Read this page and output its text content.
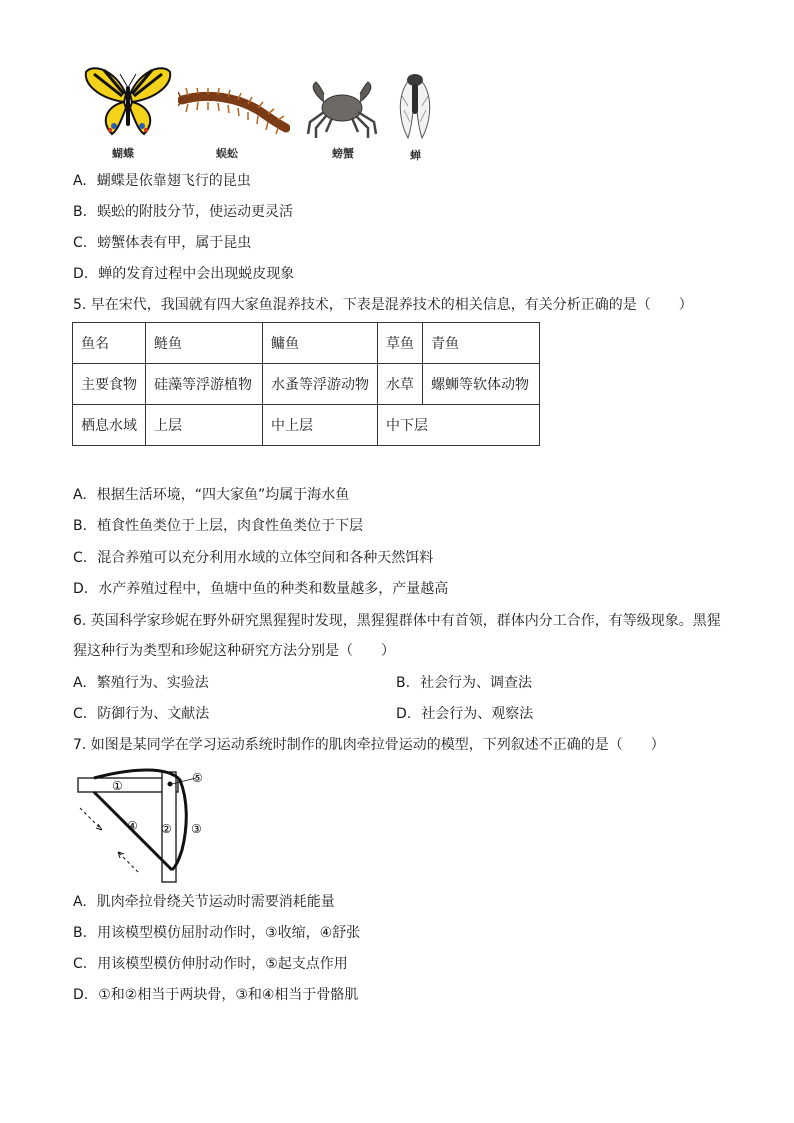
蝴蝶	蜈蚣	螃蟹	蝉
A. 蝴蝶是依靠翅飞行的昆虫
B. 蜈蚣的附肢分节，使运动更灵活
C. 螃蟹体表有甲，属于昆虫
D. 蝉的发育过程中会出现蜕皮现象
5. 早在宋代，我国就有四大家鱼混养技术，下表是混养技术的相关信息，有关分析正确的是（　　）
鱼名	鲢鱼	鳙鱼	草鱼	青鱼
主要食物	硅藻等浮游植物	水蚤等浮游动物	水草	螺蛳等软体动物
栖息水域	上层	中上层	中下层	
A. 根据生活环境，“四大家鱼”均属于海水鱼
B. 植食性鱼类位于上层，肉食性鱼类位于下层
C. 混合养殖可以充分利用水域的立体空间和各种天然饵料
D. 水产养殖过程中，鱼塘中鱼的种类和数量越多，产量越高
6. 英国科学家珍妮在野外研究黑猩猩时发现，黑猩猩群体中有首领，群体内分工合作，有等级现象。黑猩
猩这种行为类型和珍妮这种研究方法分别是（　　）
A. 繁殖行为、实验法	B. 社会行为、调查法
C. 防御行为、文献法	D. 社会行为、观察法
7. 如图是某同学在学习运动系统时制作的肌肉牵拉骨运动的模型，下列叙述不正确的是（　　）
①
② ③
④
⑤
A. 肌肉牵拉骨绕关节运动时需要消耗能量
B. 用该模型模仿屈肘动作时，③收缩，④舒张
C. 用该模型模仿伸肘动作时，⑤起支点作用
D. ①和②相当于两块骨，③和④相当于骨骼肌
